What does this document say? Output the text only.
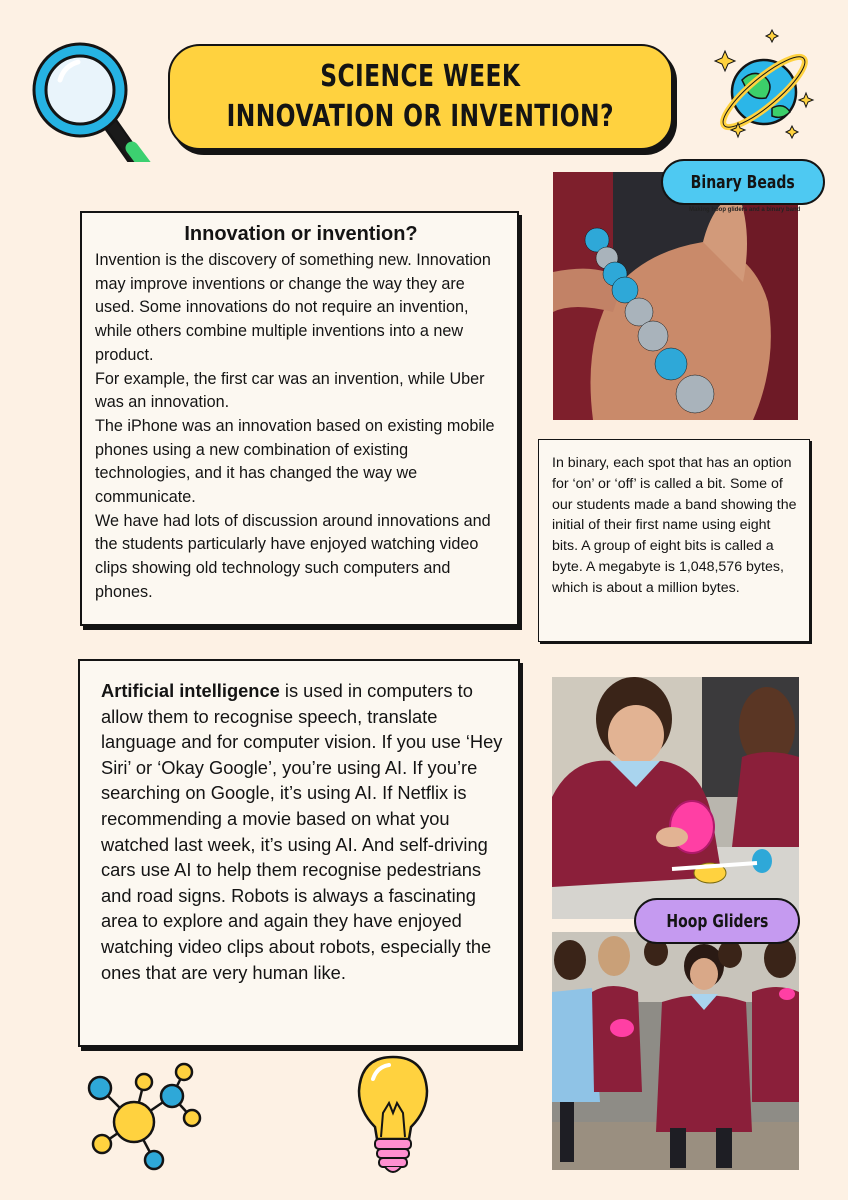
SCIENCE WEEK
INNOVATION OR INVENTION?
Binary Beads
Making hoop gliders and a binary band
Innovation or invention?

Invention is the discovery of something new. Innovation may improve inventions or change the way they are used. Some innovations do not require an invention, while others combine multiple inventions into a new product.

For example, the first car was an invention, while Uber was an innovation.

The iPhone was an innovation based on existing mobile phones using a new combination of existing technologies, and it has changed the way we communicate.

We have had lots of discussion around innovations and the students particularly have enjoyed watching video clips showing old technology such computers and phones.

In binary, each spot that has an option for ‘on’ or ‘off’ is called a bit. Some of our students made a band showing the initial of their first name using eight bits. A group of eight bits is called a byte. A megabyte is 1,048,576 bytes, which is about a million bytes.

Artificial intelligence is used in computers to allow them to recognise speech, translate language and for computer vision. If you use ‘Hey Siri’ or ‘Okay Google’, you’re using AI. If you’re searching on Google, it’s using AI. If Netflix is recommending a movie based on what you watched last week, it’s using AI. And self-driving cars use AI to help them recognise pedestrians and road signs. Robots is always a fascinating area to explore and again they have enjoyed watching video clips about robots, especially the ones that are very human like.

Hoop Gliders
